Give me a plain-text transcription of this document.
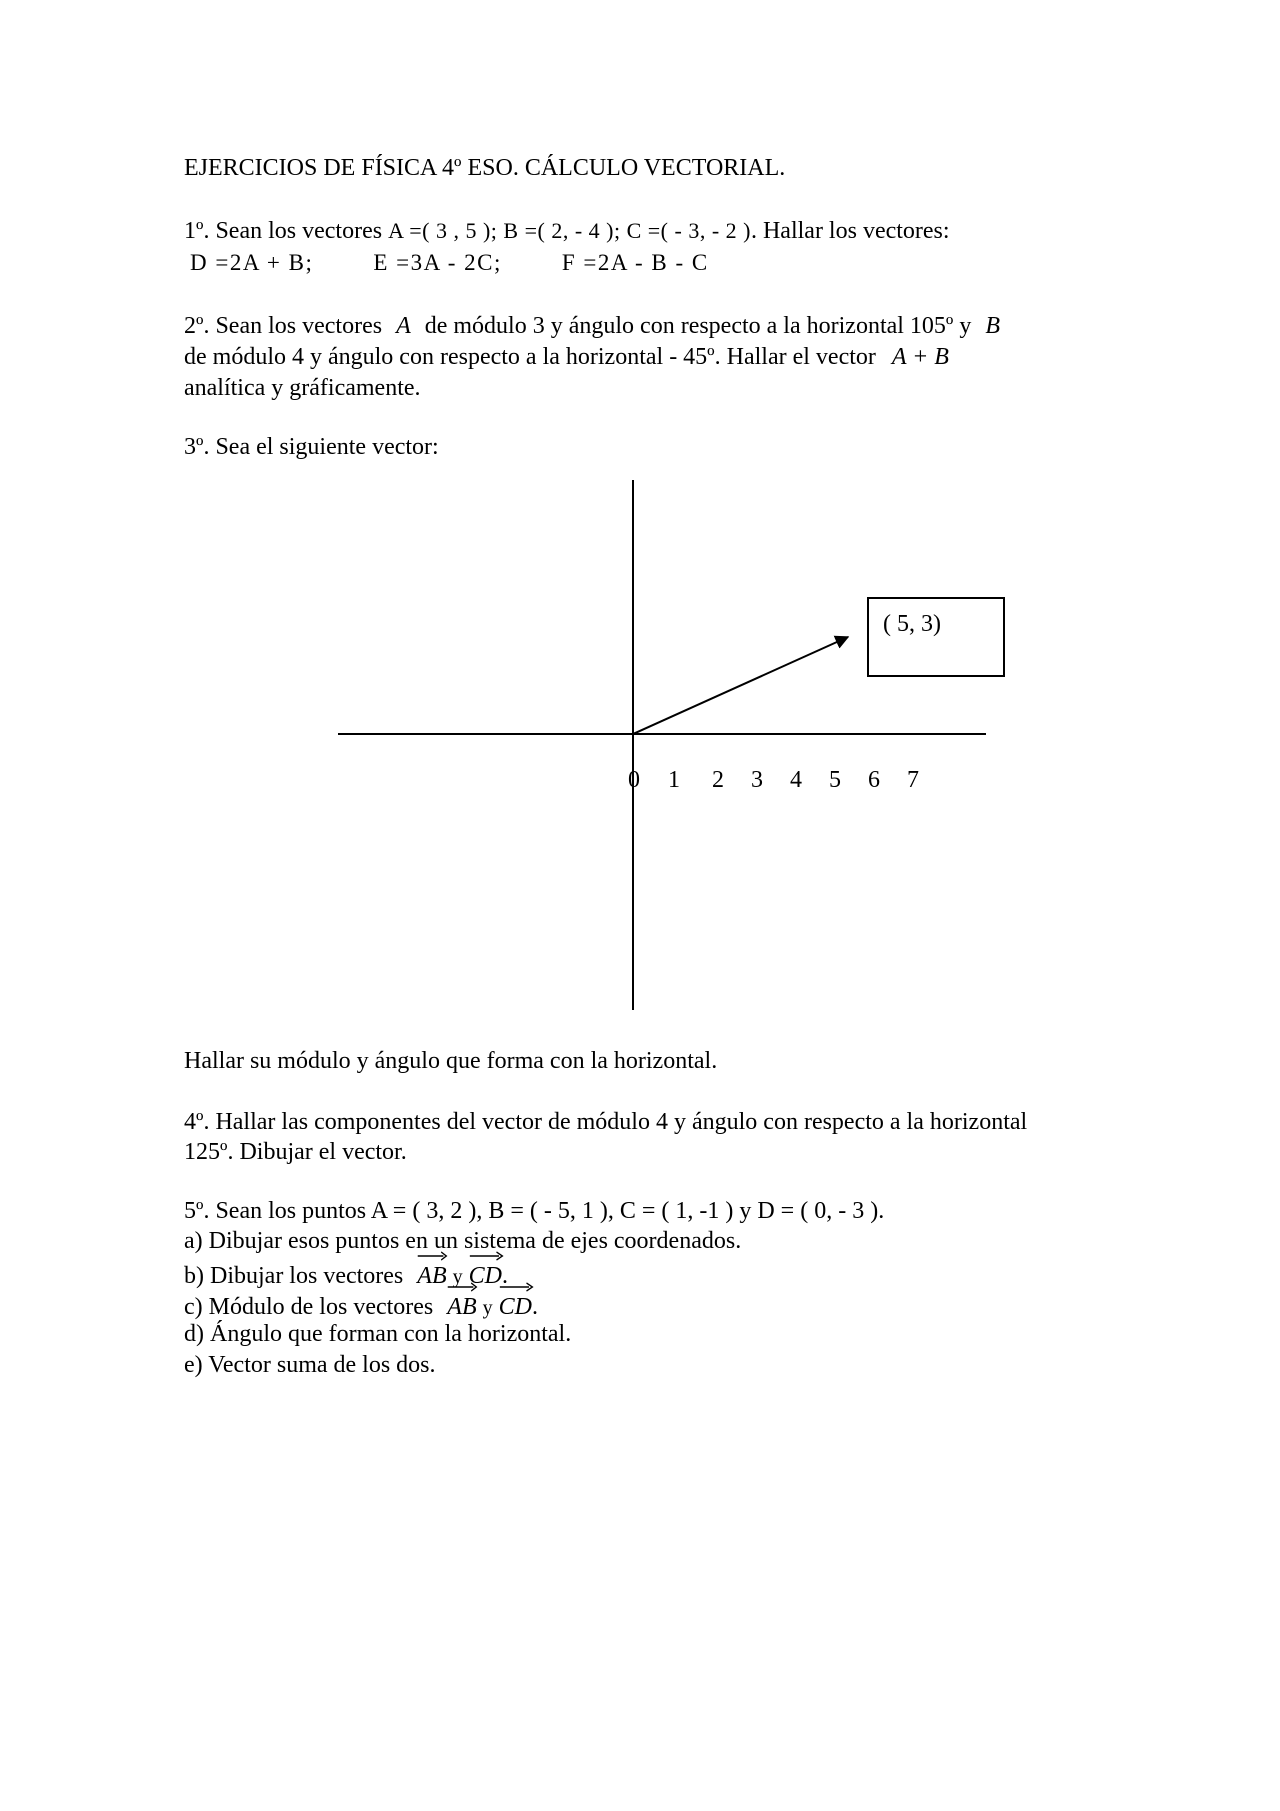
EJERCICIOS DE FÍSICA 4º ESO. CÁLCULO VECTORIAL.
1º. Sean los vectores A =( 3 , 5 ); B =( 2, - 4 ); C =( - 3, - 2 ). Hallar los vectores:
D =2A + B;	E =3A - 2C;	F =2A - B - C
2º. Sean los vectores A de módulo 3 y ángulo con respecto a la horizontal 105º y B
de módulo 4 y ángulo con respecto a la horizontal - 45º. Hallar el vector A + B
analítica y gráficamente.
3º. Sea el siguiente vector:
( 5, 3)
0 1 2 3 4 5 6 7
Hallar su módulo y ángulo que forma con la horizontal.
4º. Hallar las componentes del vector de módulo 4 y ángulo con respecto a la horizontal
125º. Dibujar el vector.
5º. Sean los puntos A = ( 3, 2 ), B = ( - 5, 1 ), C = ( 1, -1 ) y D = ( 0, - 3 ).
a) Dibujar esos puntos en un sistema de ejes coordenados.
b) Dibujar los vectores AB y CD.
c) Módulo de los vectores AB y CD.
d) Ángulo que forman con la horizontal.
e) Vector suma de los dos.
